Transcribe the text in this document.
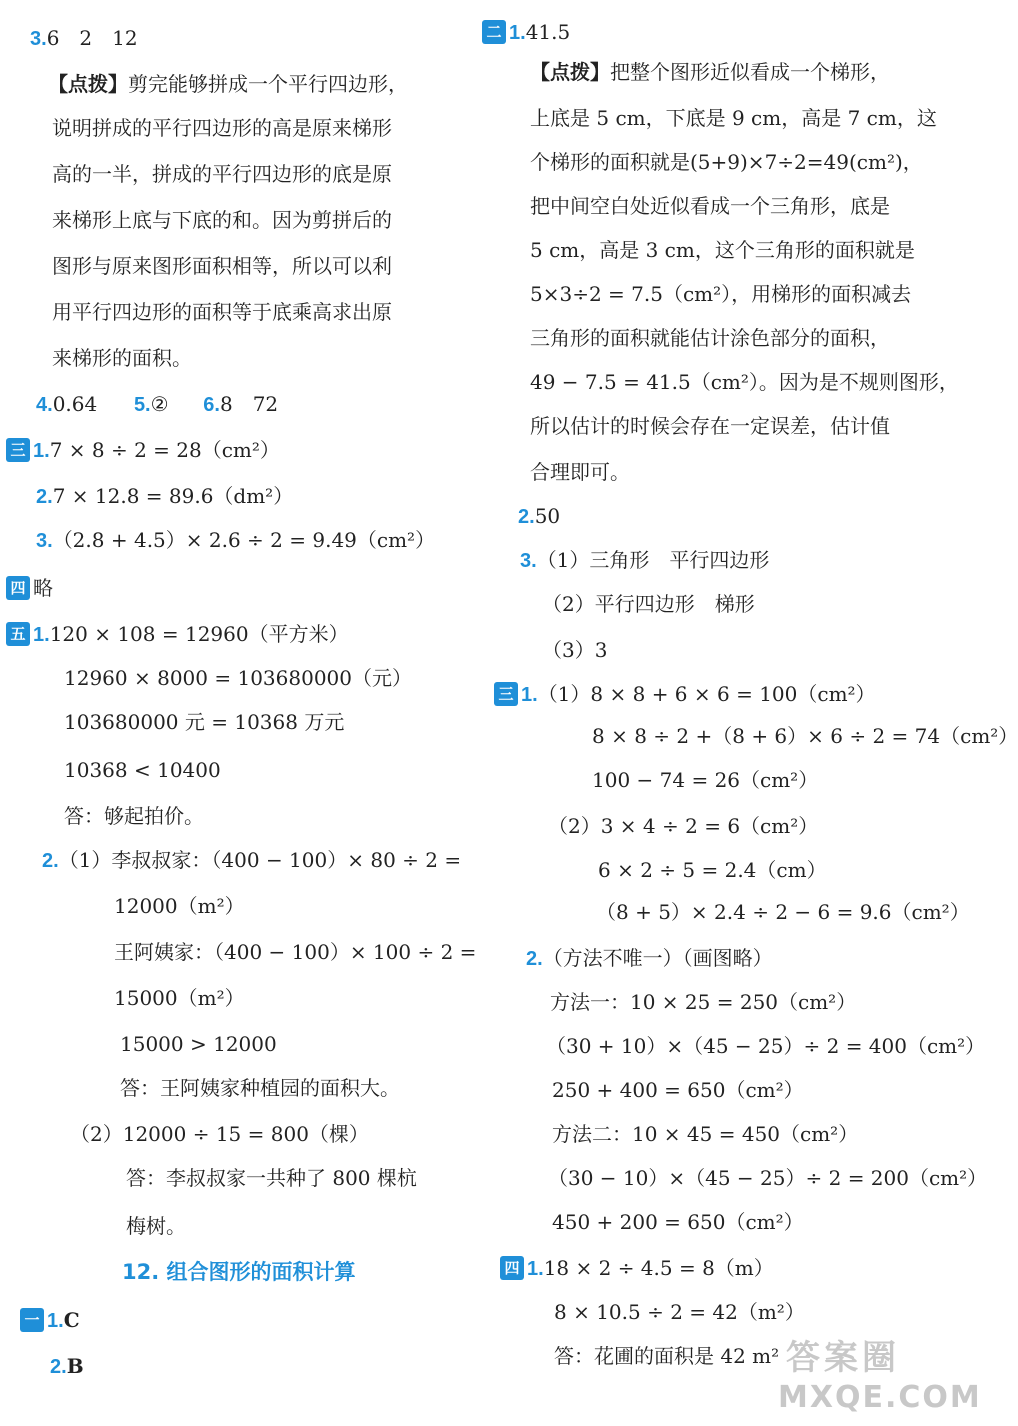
3.6　2　12
【点拨】剪完能够拼成一个平行四边形，
说明拼成的平行四边形的高是原来梯形
高的一半，拼成的平行四边形的底是原
来梯形上底与下底的和。因为剪拼后的
图形与原来图形面积相等，所以可以利
用平行四边形的面积等于底乘高求出原
来梯形的面积。
4.0.64 5.② 6.8　72
三 1.7 × 8 ÷ 2 = 28（cm²）
2.7 × 12.8 = 89.6（dm²）
3.（2.8 + 4.5）× 2.6 ÷ 2 = 9.49（cm²）
四 略
五 1.120 × 108 = 12960（平方米）
12960 × 8000 = 103680000（元）
103680000 元 = 10368 万元
10368 < 10400
答：够起拍价。
2.（1）李叔叔家：（400 − 100）× 80 ÷ 2 =
12000（m²）
王阿姨家：（400 − 100）× 100 ÷ 2 =
15000（m²）
15000 > 12000
答：王阿姨家种植园的面积大。
（2）12000 ÷ 15 = 800（棵）
答：李叔叔家一共种了 800 棵杭
梅树。
12. 组合图形的面积计算
一 1.C
2.B
二 1.41.5
【点拨】把整个图形近似看成一个梯形，
上底是 5 cm，下底是 9 cm，高是 7 cm，这
个梯形的面积就是(5+9)×7÷2=49(cm²)，
把中间空白处近似看成一个三角形，底是
5 cm，高是 3 cm，这个三角形的面积就是
5×3÷2 = 7.5（cm²），用梯形的面积减去
三角形的面积就能估计涂色部分的面积，
49 − 7.5 = 41.5（cm²）。因为是不规则图形，
所以估计的时候会存在一定误差，估计值
合理即可。
2.50
3.（1）三角形　平行四边形
（2）平行四边形　梯形
（3）3
三 1.（1）8 × 8 + 6 × 6 = 100（cm²）
8 × 8 ÷ 2 +（8 + 6）× 6 ÷ 2 = 74（cm²）
100 − 74 = 26（cm²）
（2）3 × 4 ÷ 2 = 6（cm²）
6 × 2 ÷ 5 = 2.4（cm）
（8 + 5）× 2.4 ÷ 2 − 6 = 9.6（cm²）
2.（方法不唯一）（画图略）
方法一：10 × 25 = 250（cm²）
（30 + 10）×（45 − 25）÷ 2 = 400（cm²）
250 + 400 = 650（cm²）
方法二：10 × 45 = 450（cm²）
（30 − 10）×（45 − 25）÷ 2 = 200（cm²）
450 + 200 = 650（cm²）
四 1.18 × 2 ÷ 4.5 = 8（m）
8 × 10.5 ÷ 2 = 42（m²）
答：花圃的面积是 42 m² 答案圈
MXQE.COM
